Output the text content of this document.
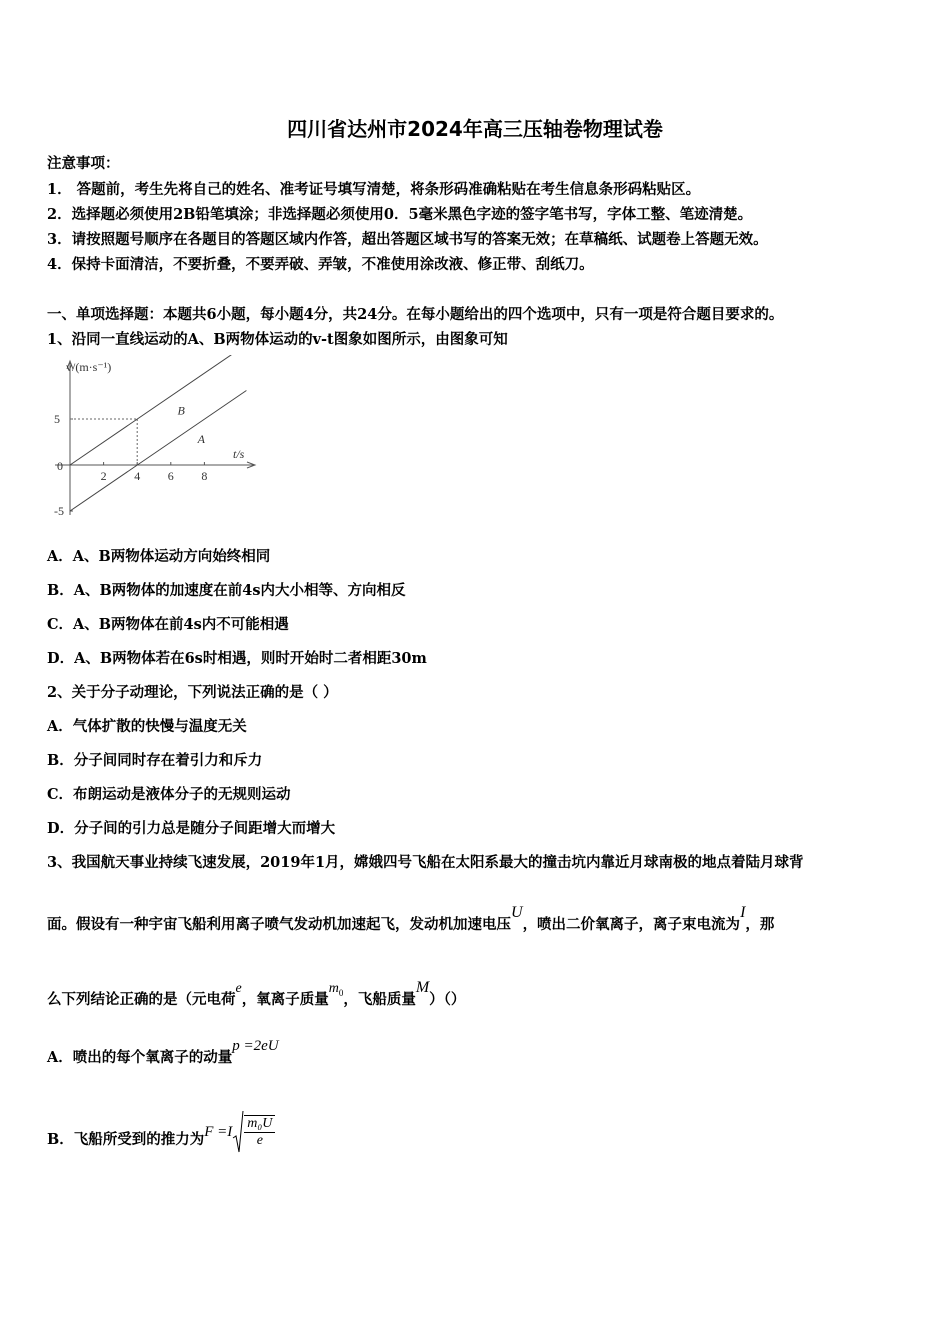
四川省达州市2024年高三压轴卷物理试卷
注意事项：
1． 答题前，考生先将自己的姓名、准考证号填写清楚，将条形码准确粘贴在考生信息条形码粘贴区。
2．选择题必须使用2B铅笔填涂；非选择题必须使用0．5毫米黑色字迹的签字笔书写，字体工整、笔迹清楚。
3．请按照题号顺序在各题目的答题区域内作答，超出答题区域书写的答案无效；在草稿纸、试题卷上答题无效。
4．保持卡面清洁，不要折叠，不要弄破、弄皱，不准使用涂改液、修正带、刮纸刀。
一、单项选择题：本题共6小题，每小题4分，共24分。在每小题给出的四个选项中，只有一项是符合题目要求的。
1、沿同一直线运动的A、B两物体运动的v-t图象如图所示，由图象可知
v/(m·s⁻¹)
t/s
2 4 6 8
0
5
-5
B
A
A．A、B两物体运动方向始终相同
B．A、B两物体的加速度在前4s内大小相等、方向相反
C．A、B两物体在前4s内不可能相遇
D．A、B两物体若在6s时相遇，则时开始时二者相距30m
2、关于分子动理论，下列说法正确的是（ ）
A．气体扩散的快慢与温度无关
B．分子间同时存在着引力和斥力
C．布朗运动是液体分子的无规则运动
D．分子间的引力总是随分子间距增大而增大
3、我国航天事业持续飞速发展，2019年1月，嫦娥四号飞船在太阳系最大的撞击坑内靠近月球南极的地点着陆月球背
面。假设有一种宇宙飞船利用离子喷气发动机加速起飞，发动机加速电压U，喷出二价氧离子，离子束电流为I，那
么下列结论正确的是（元电荷e，氧离子质量$m_0$，飞船质量M）（）
A．喷出的每个氧离子的动量p =2eU
B．飞船所受到的推力为$F =I \frac{\text{m₀U}}{e}$
